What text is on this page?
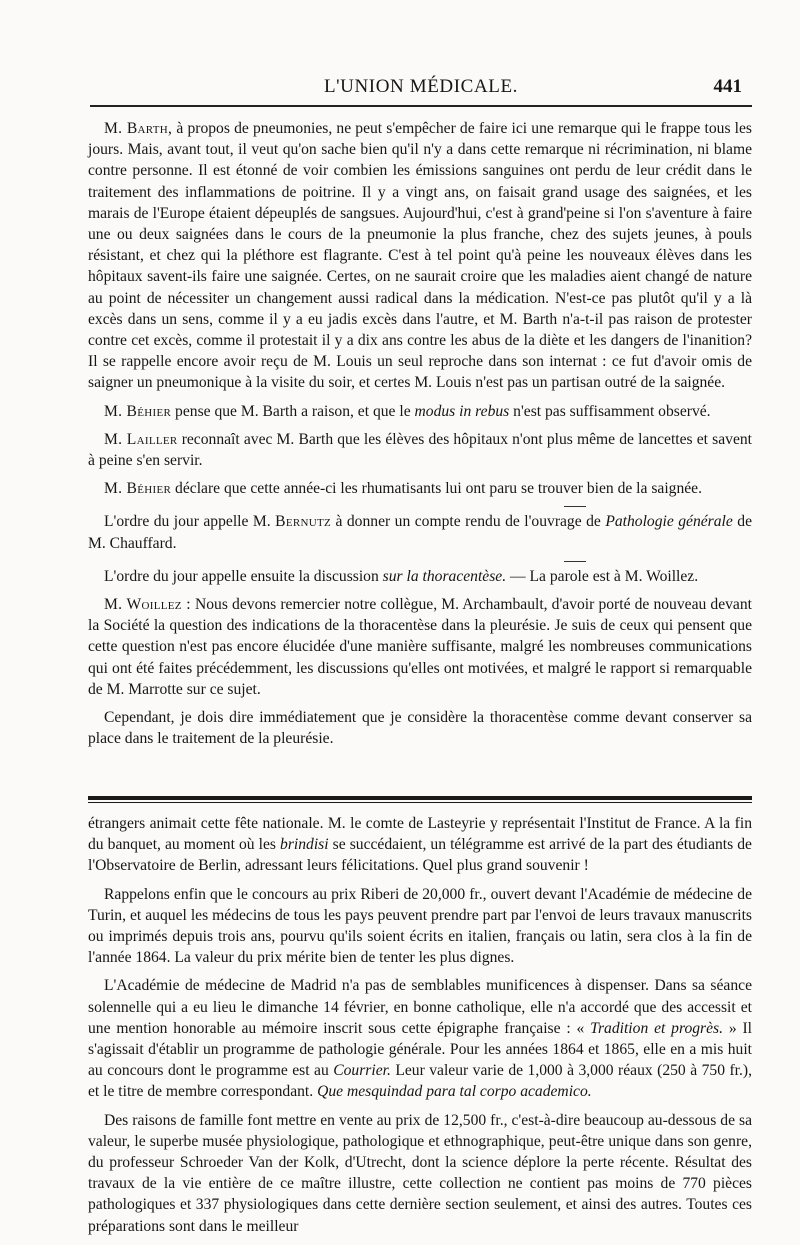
L'UNION MÉDICALE.	441

M. Barth, à propos de pneumonies, ne peut s'empêcher de faire ici une remarque qui le frappe tous les jours. Mais, avant tout, il veut qu'on sache bien qu'il n'y a dans cette remarque ni récrimination, ni blame contre personne. Il est étonné de voir combien les émissions sanguines ont perdu de leur crédit dans le traitement des inflammations de poitrine. Il y a vingt ans, on faisait grand usage des saignées, et les marais de l'Europe étaient dépeuplés de sangsues. Aujourd'hui, c'est à grand'peine si l'on s'aventure à faire une ou deux saignées dans le cours de la pneumonie la plus franche, chez des sujets jeunes, à pouls résistant, et chez qui la pléthore est flagrante. C'est à tel point qu'à peine les nouveaux élèves dans les hôpitaux savent-ils faire une saignée. Certes, on ne saurait croire que les maladies aient changé de nature au point de nécessiter un changement aussi radical dans la médication. N'est-ce pas plutôt qu'il y a là excès dans un sens, comme il y a eu jadis excès dans l'autre, et M. Barth n'a-t-il pas raison de protester contre cet excès, comme il protestait il y a dix ans contre les abus de la diète et les dangers de l'inanition? Il se rappelle encore avoir reçu de M. Louis un seul reproche dans son internat : ce fut d'avoir omis de saigner un pneumonique à la visite du soir, et certes M. Louis n'est pas un partisan outré de la saignée.

M. Béhier pense que M. Barth a raison, et que le modus in rebus n'est pas suffisamment observé.

M. Lailler reconnaît avec M. Barth que les élèves des hôpitaux n'ont plus même de lancettes et savent à peine s'en servir.

M. Béhier déclare que cette année-ci les rhumatisants lui ont paru se trouver bien de la saignée.

L'ordre du jour appelle M. Bernutz à donner un compte rendu de l'ouvrage de Pathologie générale de M. Chauffard.

L'ordre du jour appelle ensuite la discussion sur la thoracentèse. — La parole est à M. Woillez.

M. Woillez : Nous devons remercier notre collègue, M. Archambault, d'avoir porté de nouveau devant la Société la question des indications de la thoracentèse dans la pleurésie. Je suis de ceux qui pensent que cette question n'est pas encore élucidée d'une manière suffisante, malgré les nombreuses communications qui ont été faites précédemment, les discussions qu'elles ont motivées, et malgré le rapport si remarquable de M. Marrotte sur ce sujet.

Cependant, je dois dire immédiatement que je considère la thoracentèse comme devant conserver sa place dans le traitement de la pleurésie.

étrangers animait cette fête nationale. M. le comte de Lasteyrie y représentait l'Institut de France. A la fin du banquet, au moment où les brindisi se succédaient, un télégramme est arrivé de la part des étudiants de l'Observatoire de Berlin, adressant leurs félicitations. Quel plus grand souvenir !

Rappelons enfin que le concours au prix Riberi de 20,000 fr., ouvert devant l'Académie de médecine de Turin, et auquel les médecins de tous les pays peuvent prendre part par l'envoi de leurs travaux manuscrits ou imprimés depuis trois ans, pourvu qu'ils soient écrits en italien, français ou latin, sera clos à la fin de l'année 1864. La valeur du prix mérite bien de tenter les plus dignes.

L'Académie de médecine de Madrid n'a pas de semblables munificences à dispenser. Dans sa séance solennelle qui a eu lieu le dimanche 14 février, en bonne catholique, elle n'a accordé que des accessit et une mention honorable au mémoire inscrit sous cette épigraphe française : « Tradition et progrès. » Il s'agissait d'établir un programme de pathologie générale. Pour les années 1864 et 1865, elle en a mis huit au concours dont le programme est au Courrier. Leur valeur varie de 1,000 à 3,000 réaux (250 à 750 fr.), et le titre de membre correspondant. Que mesquindad para tal corpo academico.

Des raisons de famille font mettre en vente au prix de 12,500 fr., c'est-à-dire beaucoup au-dessous de sa valeur, le superbe musée physiologique, pathologique et ethnographique, peut-être unique dans son genre, du professeur Schroeder Van der Kolk, d'Utrecht, dont la science déplore la perte récente. Résultat des travaux de la vie entière de ce maître illustre, cette collection ne contient pas moins de 770 pièces pathologiques et 337 physiologiques dans cette dernière section seulement, et ainsi des autres. Toutes ces préparations sont dans le meilleur
